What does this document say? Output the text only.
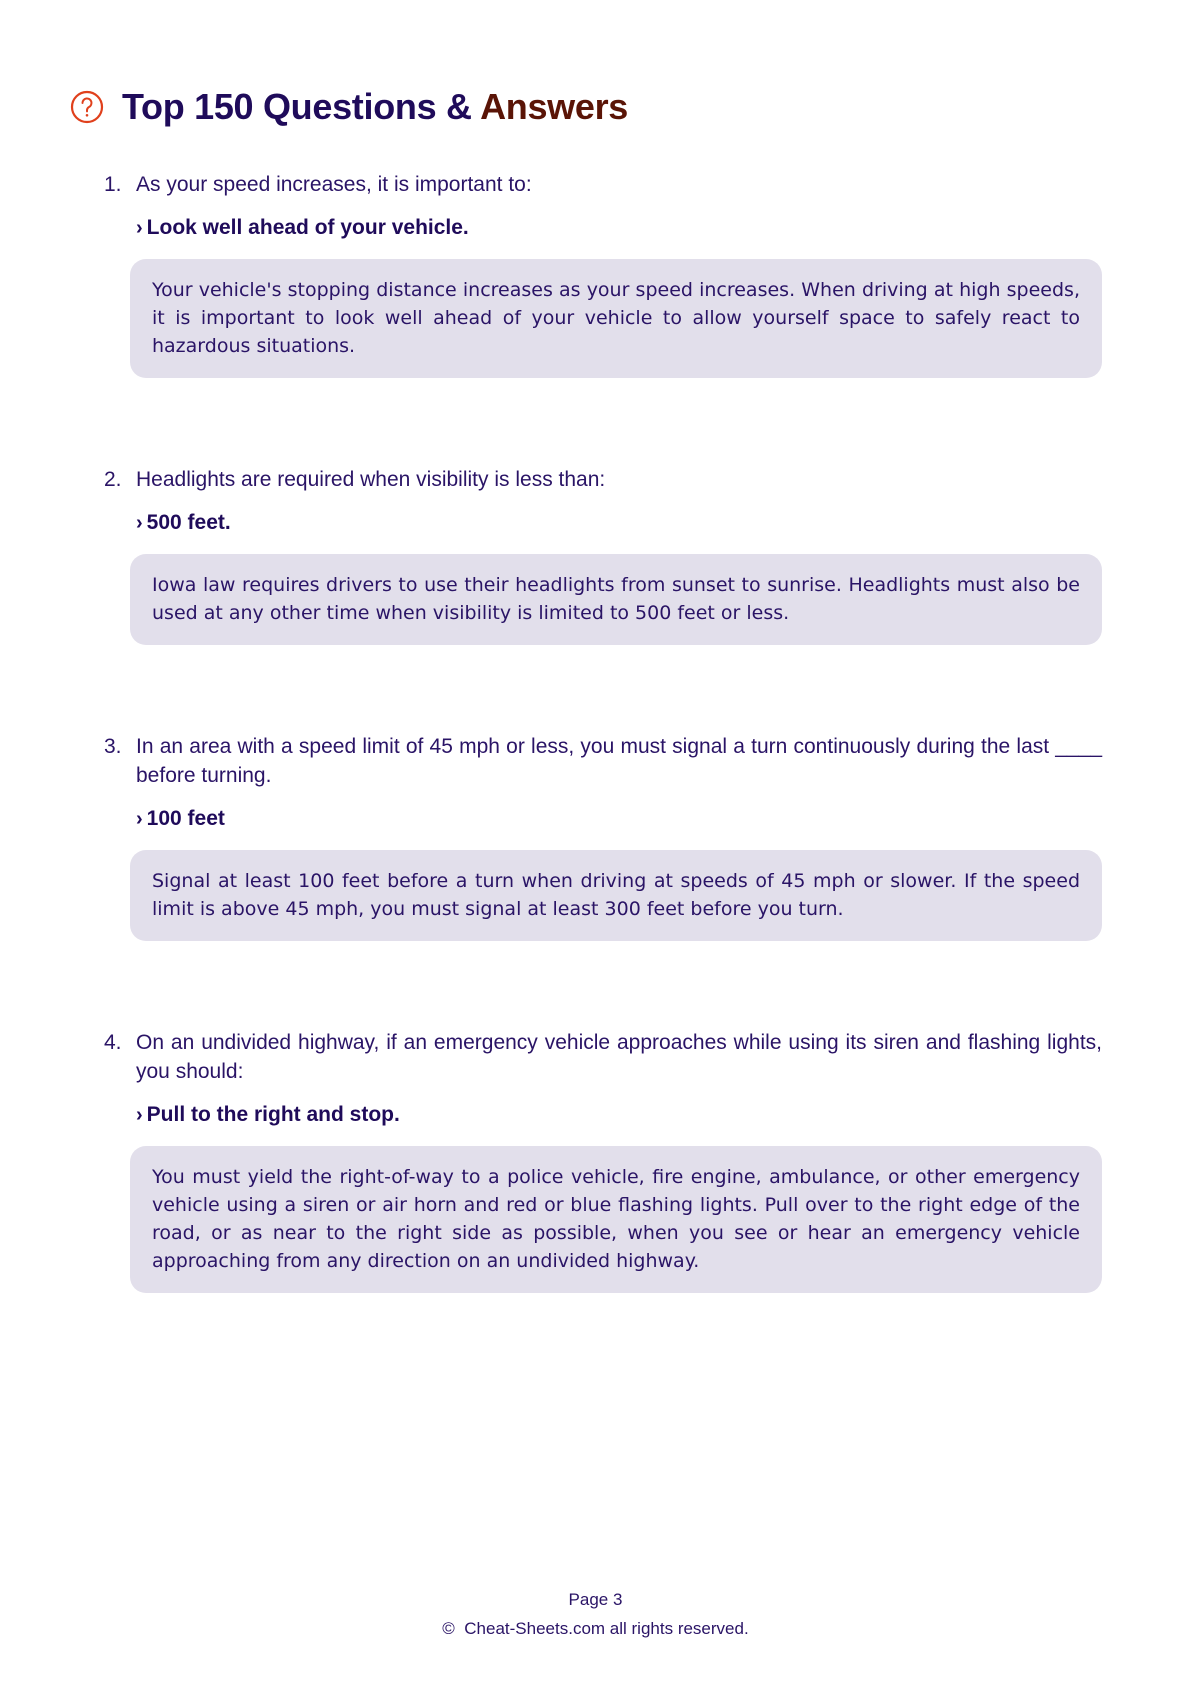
Top 150 Questions & Answers
1. As your speed increases, it is important to:
› Look well ahead of your vehicle.
Your vehicle's stopping distance increases as your speed increases. When driving at high speeds, it is important to look well ahead of your vehicle to allow yourself space to safely react to hazardous situations.
2. Headlights are required when visibility is less than:
› 500 feet.
Iowa law requires drivers to use their headlights from sunset to sunrise. Headlights must also be used at any other time when visibility is limited to 500 feet or less.
3. In an area with a speed limit of 45 mph or less, you must signal a turn continuously during the last ____ before turning.
› 100 feet
Signal at least 100 feet before a turn when driving at speeds of 45 mph or slower. If the speed limit is above 45 mph, you must signal at least 300 feet before you turn.
4. On an undivided highway, if an emergency vehicle approaches while using its siren and flashing lights, you should:
› Pull to the right and stop.
You must yield the right-of-way to a police vehicle, fire engine, ambulance, or other emergency vehicle using a siren or air horn and red or blue flashing lights. Pull over to the right edge of the road, or as near to the right side as possible, when you see or hear an emergency vehicle approaching from any direction on an undivided highway.
Page 3
© Cheat-Sheets.com all rights reserved.
